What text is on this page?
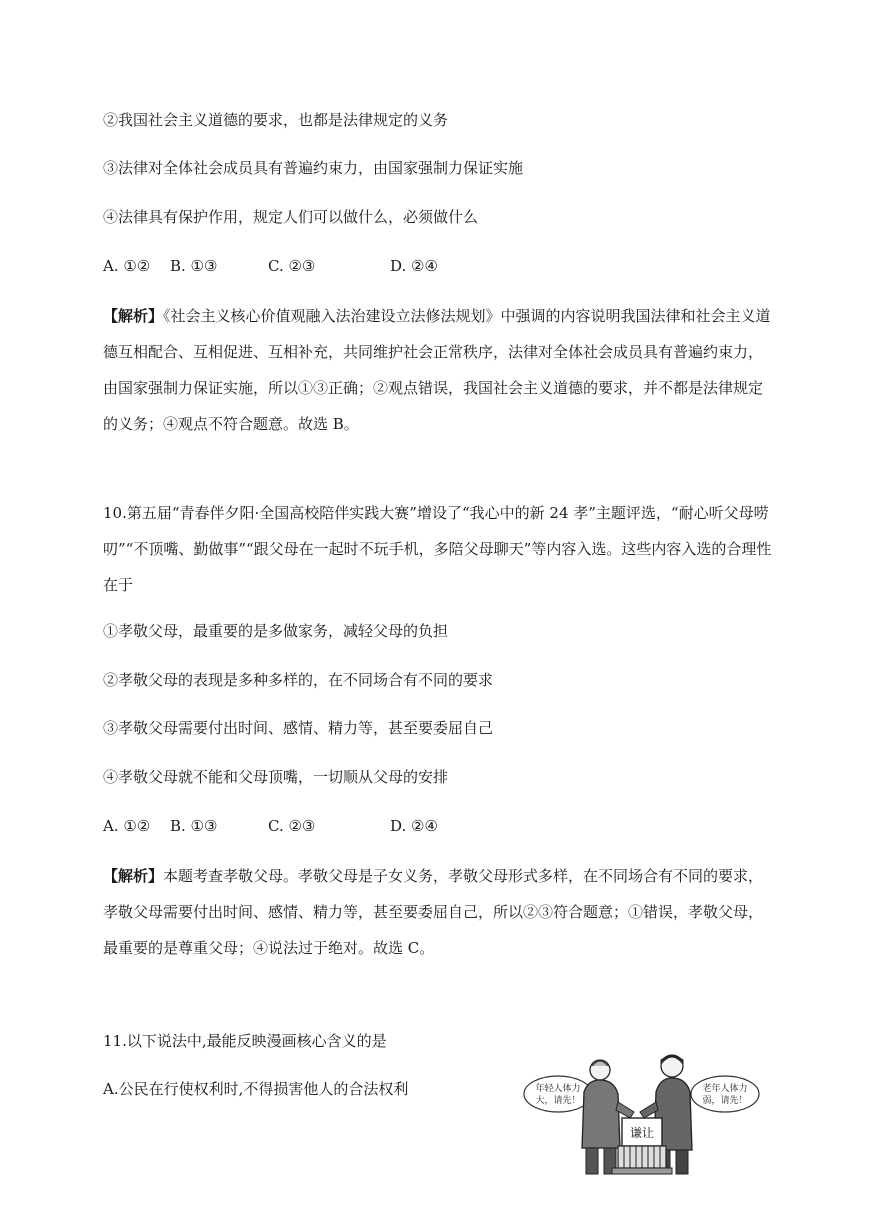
②我国社会主义道德的要求，也都是法律规定的义务
③法律对全体社会成员具有普遍约束力，由国家强制力保证实施
④法律具有保护作用，规定人们可以做什么，必须做什么
A. ①② B. ①③	C. ②③	D. ②④
【解析】《社会主义核心价值观融入法治建设立法修法规划》中强调的内容说明我国法律和社会主义道德互相配合、互相促进、互相补充，共同维护社会正常秩序，法律对全体社会成员具有普遍约束力，由国家强制力保证实施，所以①③正确；②观点错误，我国社会主义道德的要求，并不都是法律规定的义务；④观点不符合题意。故选 B。
10.第五届“青春伴夕阳·全国高校陪伴实践大赛”增设了“我心中的新 24 孝”主题评选，“耐心听父母唠叨”“不顶嘴、勤做事”“跟父母在一起时不玩手机，多陪父母聊天”等内容入选。这些内容入选的合理性在于
①孝敬父母，最重要的是多做家务，减轻父母的负担
②孝敬父母的表现是多种多样的，在不同场合有不同的要求
③孝敬父母需要付出时间、感情、精力等，甚至要委屈自己
④孝敬父母就不能和父母顶嘴，一切顺从父母的安排
A. ①② B. ①③	C. ②③	D. ②④
【解析】本题考查孝敬父母。孝敬父母是子女义务，孝敬父母形式多样，在不同场合有不同的要求，孝敬父母需要付出时间、感情、精力等，甚至要委屈自己，所以②③符合题意；①错误，孝敬父母，最重要的是尊重父母；④说法过于绝对。故选 C。
11.以下说法中,最能反映漫画核心含义的是
A.公民在行使权利时,不得损害他人的合法权利	年轻人体力
大，请先！
老年人体力
弱，请先！
谦让
